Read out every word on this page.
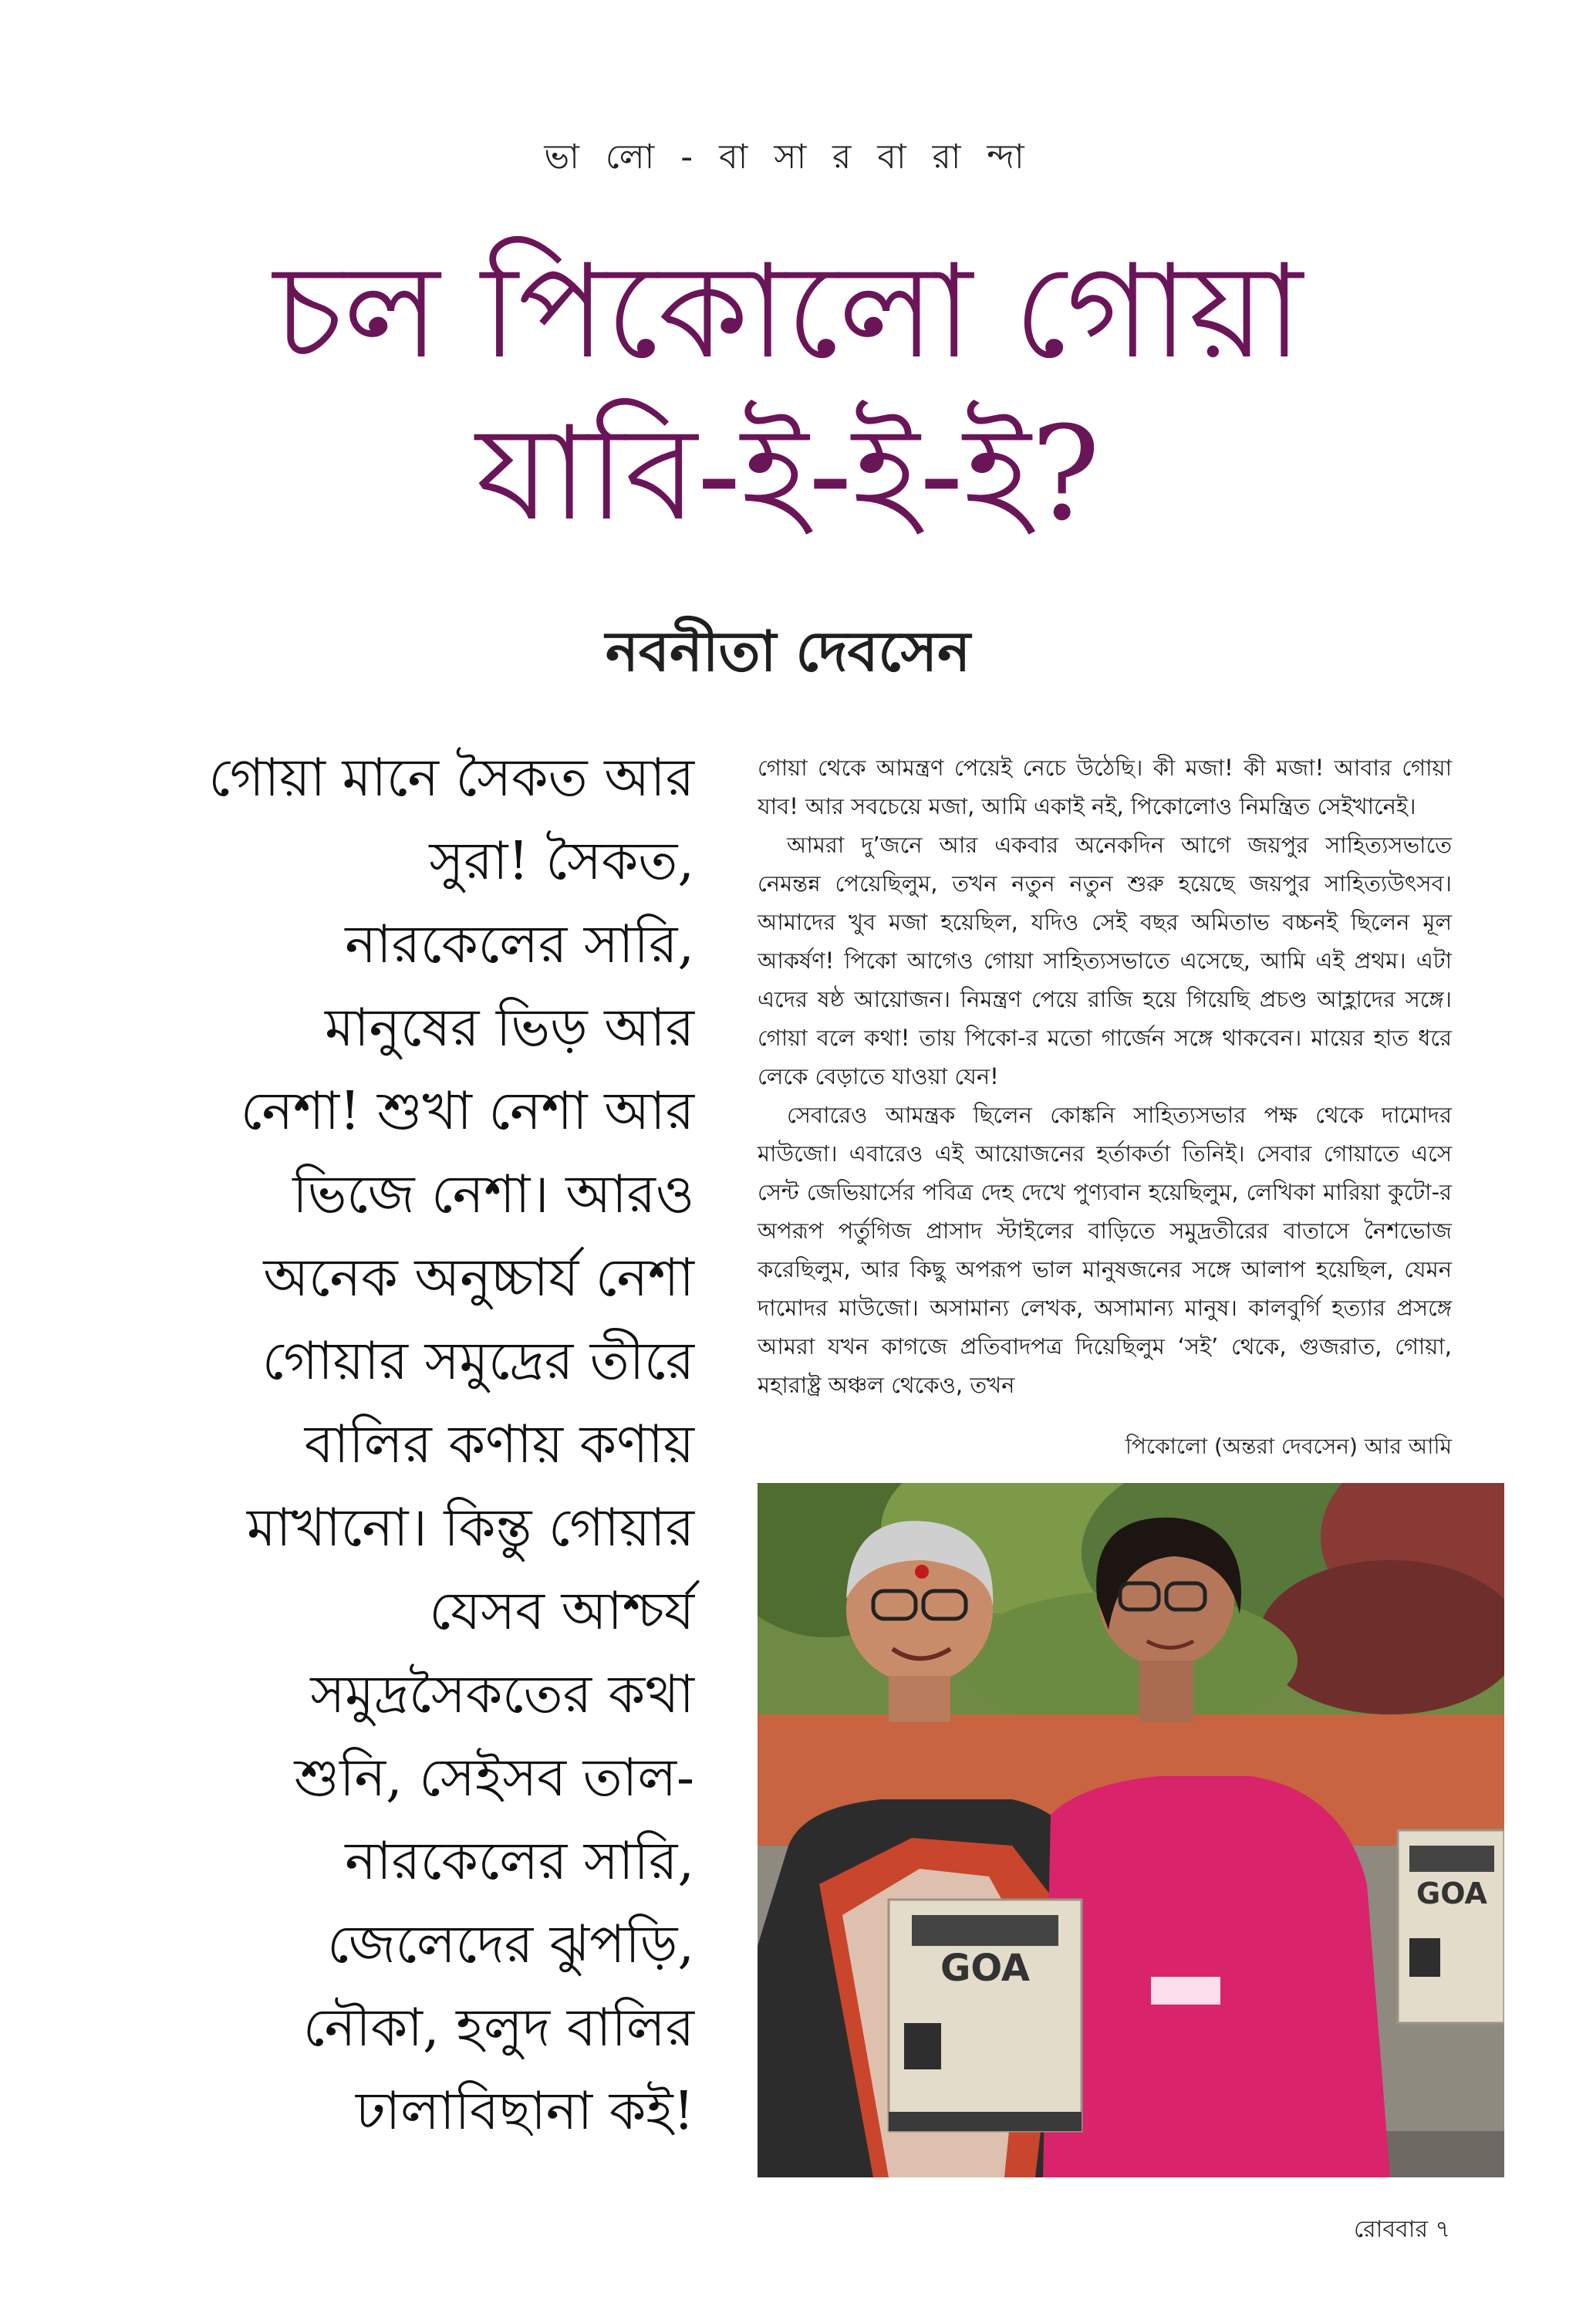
ভা লো - বা সা র বা রা ন্দা
চল পিকোলো গোয়া
যাবি-ই-ই-ই?
নবনীতা দেবসেন
গোয়া মানে সৈকত আর
সুরা! সৈকত,
নারকেলের সারি,
মানুষের ভিড় আর
নেশা! শুখা নেশা আর
ভিজে নেশা। আরও
অনেক অনুচ্চার্য নেশা
গোয়ার সমুদ্রের তীরে
বালির কণায় কণায়
মাখানো। কিন্তু গোয়ার
যেসব আশ্চর্য
সমুদ্রসৈকতের কথা
শুনি, সেইসব তাল-
নারকেলের সারি,
জেলেদের ঝুপড়ি,
নৌকা, হলুদ বালির
ঢালাবিছানা কই!

গোয়া থেকে আমন্ত্রণ পেয়েই নেচে উঠেছি। কী মজা! কী মজা! আবার গোয়া যাব! আর সবচেয়ে মজা, আমি একাই নই, পিকোলোও নিমন্ত্রিত সেইখানেই।

আমরা দু’জনে আর একবার অনেকদিন আগে জয়পুর সাহিত্যসভাতে নেমন্তন্ন পেয়েছিলুম, তখন নতুন নতুন শুরু হয়েছে জয়পুর সাহিত্যউৎসব। আমাদের খুব মজা হয়েছিল, যদিও সেই বছর অমিতাভ বচ্চনই ছিলেন মূল আকর্ষণ! পিকো আগেও গোয়া সাহিত্যসভাতে এসেছে, আমি এই প্রথম। এটা এদের ষষ্ঠ আয়োজন। নিমন্ত্রণ পেয়ে রাজি হয়ে গিয়েছি প্রচণ্ড আহ্লাদের সঙ্গে। গোয়া বলে কথা! তায় পিকো-র মতো গার্জেন সঙ্গে থাকবেন। মায়ের হাত ধরে লেকে বেড়াতে যাওয়া যেন!

সেবারেও আমন্ত্রক ছিলেন কোঙ্কনি সাহিত্যসভার পক্ষ থেকে দামোদর মাউজো। এবারেও এই আয়োজনের হর্তাকর্তা তিনিই। সেবার গোয়াতে এসে সেন্ট জেভিয়ার্সের পবিত্র দেহ দেখে পুণ্যবান হয়েছিলুম, লেখিকা মারিয়া কুটো-র অপরূপ পর্তুগিজ প্রাসাদ স্টাইলের বাড়িতে সমুদ্রতীরের বাতাসে নৈশভোজ করেছিলুম, আর কিছু অপরূপ ভাল মানুষজনের সঙ্গে আলাপ হয়েছিল, যেমন দামোদর মাউজো। অসামান্য লেখক, অসামান্য মানুষ। কালবুর্গি হত্যার প্রসঙ্গে আমরা যখন কাগজে প্রতিবাদপত্র দিয়েছিলুম ‘সই’ থেকে, গুজরাত, গোয়া, মহারাষ্ট্র অঞ্চল থেকেও, তখন

পিকোলো (অন্তরা দেবসেন) আর আমি
GOA
GOA
রোববার ৭
